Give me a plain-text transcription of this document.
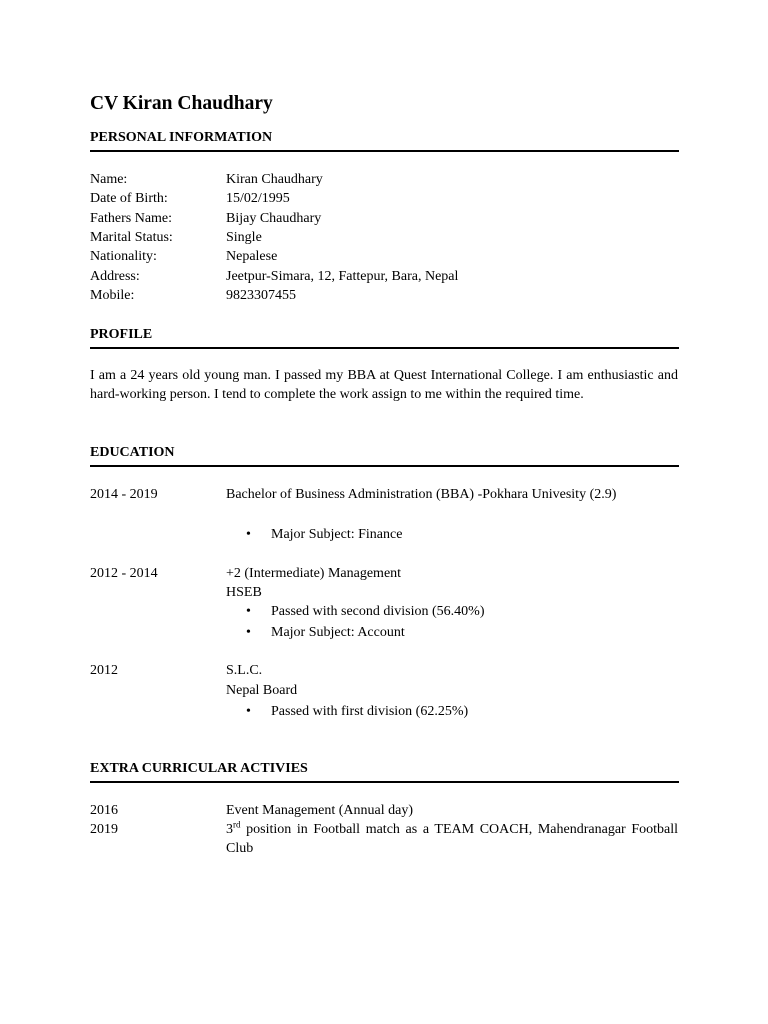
CV Kiran Chaudhary
PERSONAL INFORMATION
Name:	Kiran Chaudhary
Date of Birth:	15/02/1995
Fathers Name:	Bijay Chaudhary
Marital Status:	Single
Nationality:	Nepalese
Address:	Jeetpur-Simara, 12, Fattepur, Bara, Nepal
Mobile:	9823307455
PROFILE

I am a 24 years old young man. I passed my BBA at Quest International College. I am enthusiastic and hard-working person. I tend to complete the work assign to me within the required time.

EDUCATION
2014 - 2019	Bachelor of Business Administration (BBA) -Pokhara Univesity (2.9)
• Major Subject: Finance
2012 - 2014	+2 (Intermediate) Management
HSEB
• Passed with second division (56.40%)
• Major Subject: Account
2012	S.L.C.
Nepal Board
• Passed with first division (62.25%)
EXTRA CURRICULAR ACTIVIES
2016	Event Management (Annual day)
2019	3rd position in Football match as a TEAM COACH, Mahendranagar Football Club
